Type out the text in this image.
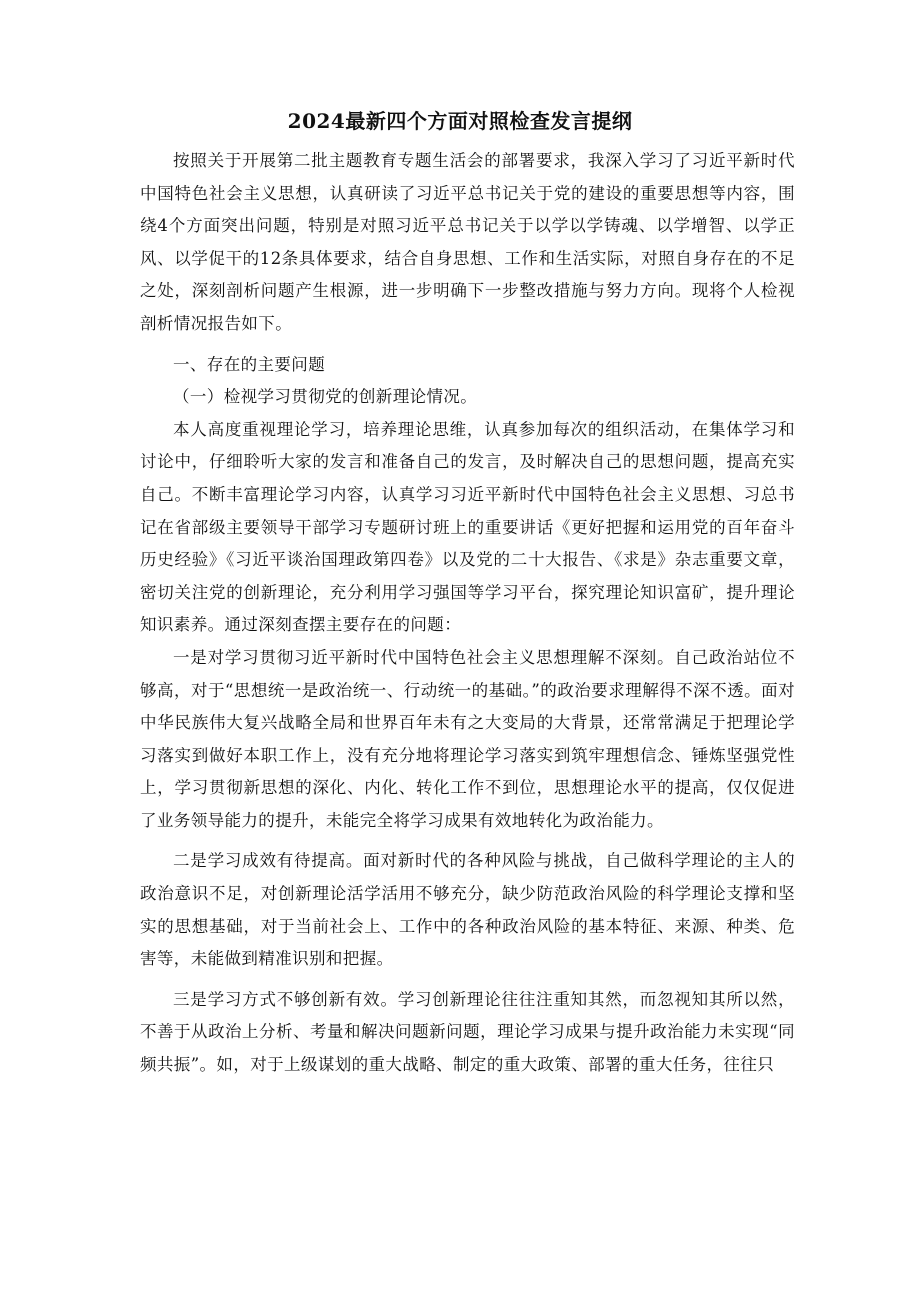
2024最新四个方面对照检查发言提纲

按照关于开展第二批主题教育专题生活会的部署要求，我深入学习了习近平新时代中国特色社会主义思想，认真研读了习近平总书记关于党的建设的重要思想等内容，围绕4个方面突出问题，特别是对照习近平总书记关于以学以学铸魂、以学增智、以学正风、以学促干的12条具体要求，结合自身思想、工作和生活实际，对照自身存在的不足之处，深刻剖析问题产生根源，进一步明确下一步整改措施与努力方向。现将个人检视剖析情况报告如下。

一、存在的主要问题

（一）检视学习贯彻党的创新理论情况。

本人高度重视理论学习，培养理论思维，认真参加每次的组织活动，在集体学习和讨论中，仔细聆听大家的发言和准备自己的发言，及时解决自己的思想问题，提高充实自己。不断丰富理论学习内容，认真学习习近平新时代中国特色社会主义思想、习总书记在省部级主要领导干部学习专题研讨班上的重要讲话《更好把握和运用党的百年奋斗历史经验》《习近平谈治国理政第四卷》以及党的二十大报告、《求是》杂志重要文章，密切关注党的创新理论，充分利用学习强国等学习平台，探究理论知识富矿，提升理论知识素养。通过深刻查摆主要存在的问题：

一是对学习贯彻习近平新时代中国特色社会主义思想理解不深刻。自己政治站位不够高，对于“思想统一是政治统一、行动统一的基础。”的政治要求理解得不深不透。面对中华民族伟大复兴战略全局和世界百年未有之大变局的大背景，还常常满足于把理论学习落实到做好本职工作上，没有充分地将理论学习落实到筑牢理想信念、锤炼坚强党性上，学习贯彻新思想的深化、内化、转化工作不到位，思想理论水平的提高，仅仅促进了业务领导能力的提升，未能完全将学习成果有效地转化为政治能力。

二是学习成效有待提高。面对新时代的各种风险与挑战，自己做科学理论的主人的政治意识不足，对创新理论活学活用不够充分，缺少防范政治风险的科学理论支撑和坚实的思想基础，对于当前社会上、工作中的各种政治风险的基本特征、来源、种类、危害等，未能做到精准识别和把握。

三是学习方式不够创新有效。学习创新理论往往注重知其然，而忽视知其所以然，不善于从政治上分析、考量和解决问题新问题，理论学习成果与提升政治能力未实现“同频共振”。如，对于上级谋划的重大战略、制定的重大政策、部署的重大任务，往往只
